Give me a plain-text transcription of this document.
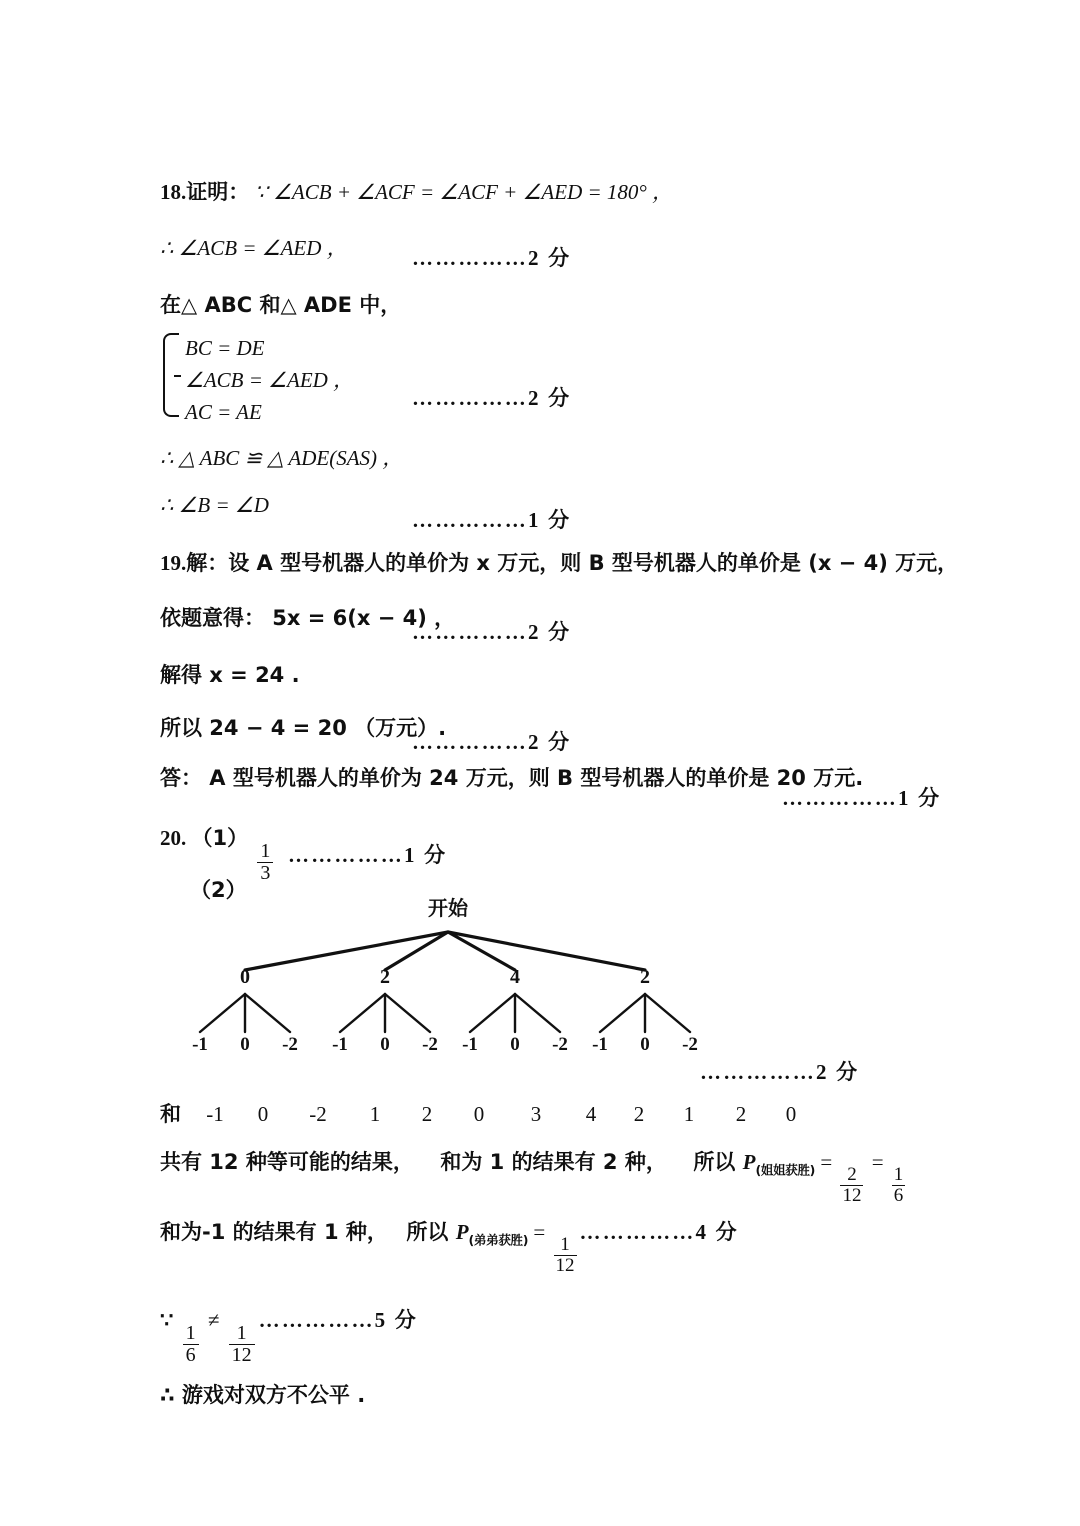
18.证明： ∵ ∠ACB + ∠ACF = ∠ACF + ∠AED = 180° ，
∴ ∠ACB = ∠AED ，	……………2 分
在△ ABC 和△ ADE 中，
BC = DE
∠ACB = ∠AED ，
AC = AE
……………2 分
∴ △ ABC ≌ △ ADE(SAS) ，
∴ ∠B = ∠D
……………1 分
19.解：设 A 型号机器人的单价为 x 万元，则 B 型号机器人的单价是 (x − 4) 万元，
依题意得： 5x = 6(x − 4) ，
……………2 分
解得 x = 24 .
所以 24 − 4 = 20 （万元）.
……………2 分
答： A 型号机器人的单价为 24 万元，则 B 型号机器人的单价是 20 万元.
……………1 分
20. （1）
$\frac{1}{3}$ ……………1 分
（2）
开始
0	2	4	2
-1 0 -2 -1 0 -2 -1 0 -2 -1 0 -2
……………2 分
和 -1 0 -2 1 2 0 3 4 2 1 2 0
共有 12 种等可能的结果， 和为 1 的结果有 2 种， 所以 $P_{(姐姐获胜)}$ =
$\frac{2}{12}$
=
$\frac{1}{6}$
和为-1 的结果有 1 种， 所以 $P_{(弟弟获胜)}$ =
$\frac{1}{12}$
……………4 分
∵
$\frac{1}{6}$
≠
$\frac{1}{12}$
……………5 分
∴ 游戏对双方不公平 .
